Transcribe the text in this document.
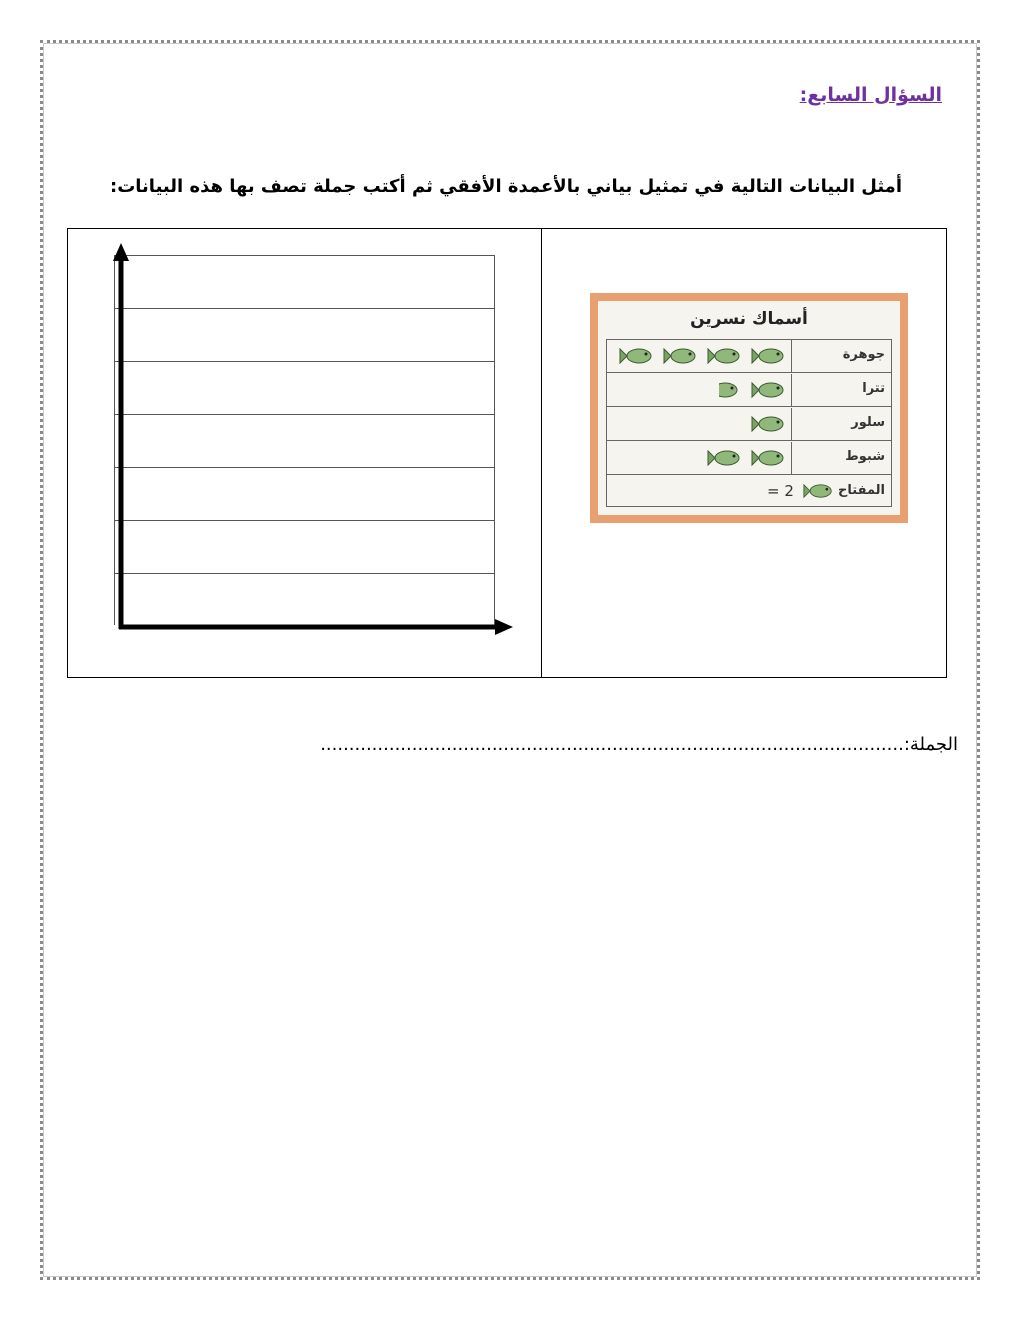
السؤال السابع:

أمثل البيانات التالية في تمثيل بياني بالأعمدة الأفقي ثم أكتب جملة تصف بها هذه البيانات:

أسماك نسرين
جوهرة
تترا
سلور
شبوط
المفتاح
= 2
الجملة:......................................................................................................
